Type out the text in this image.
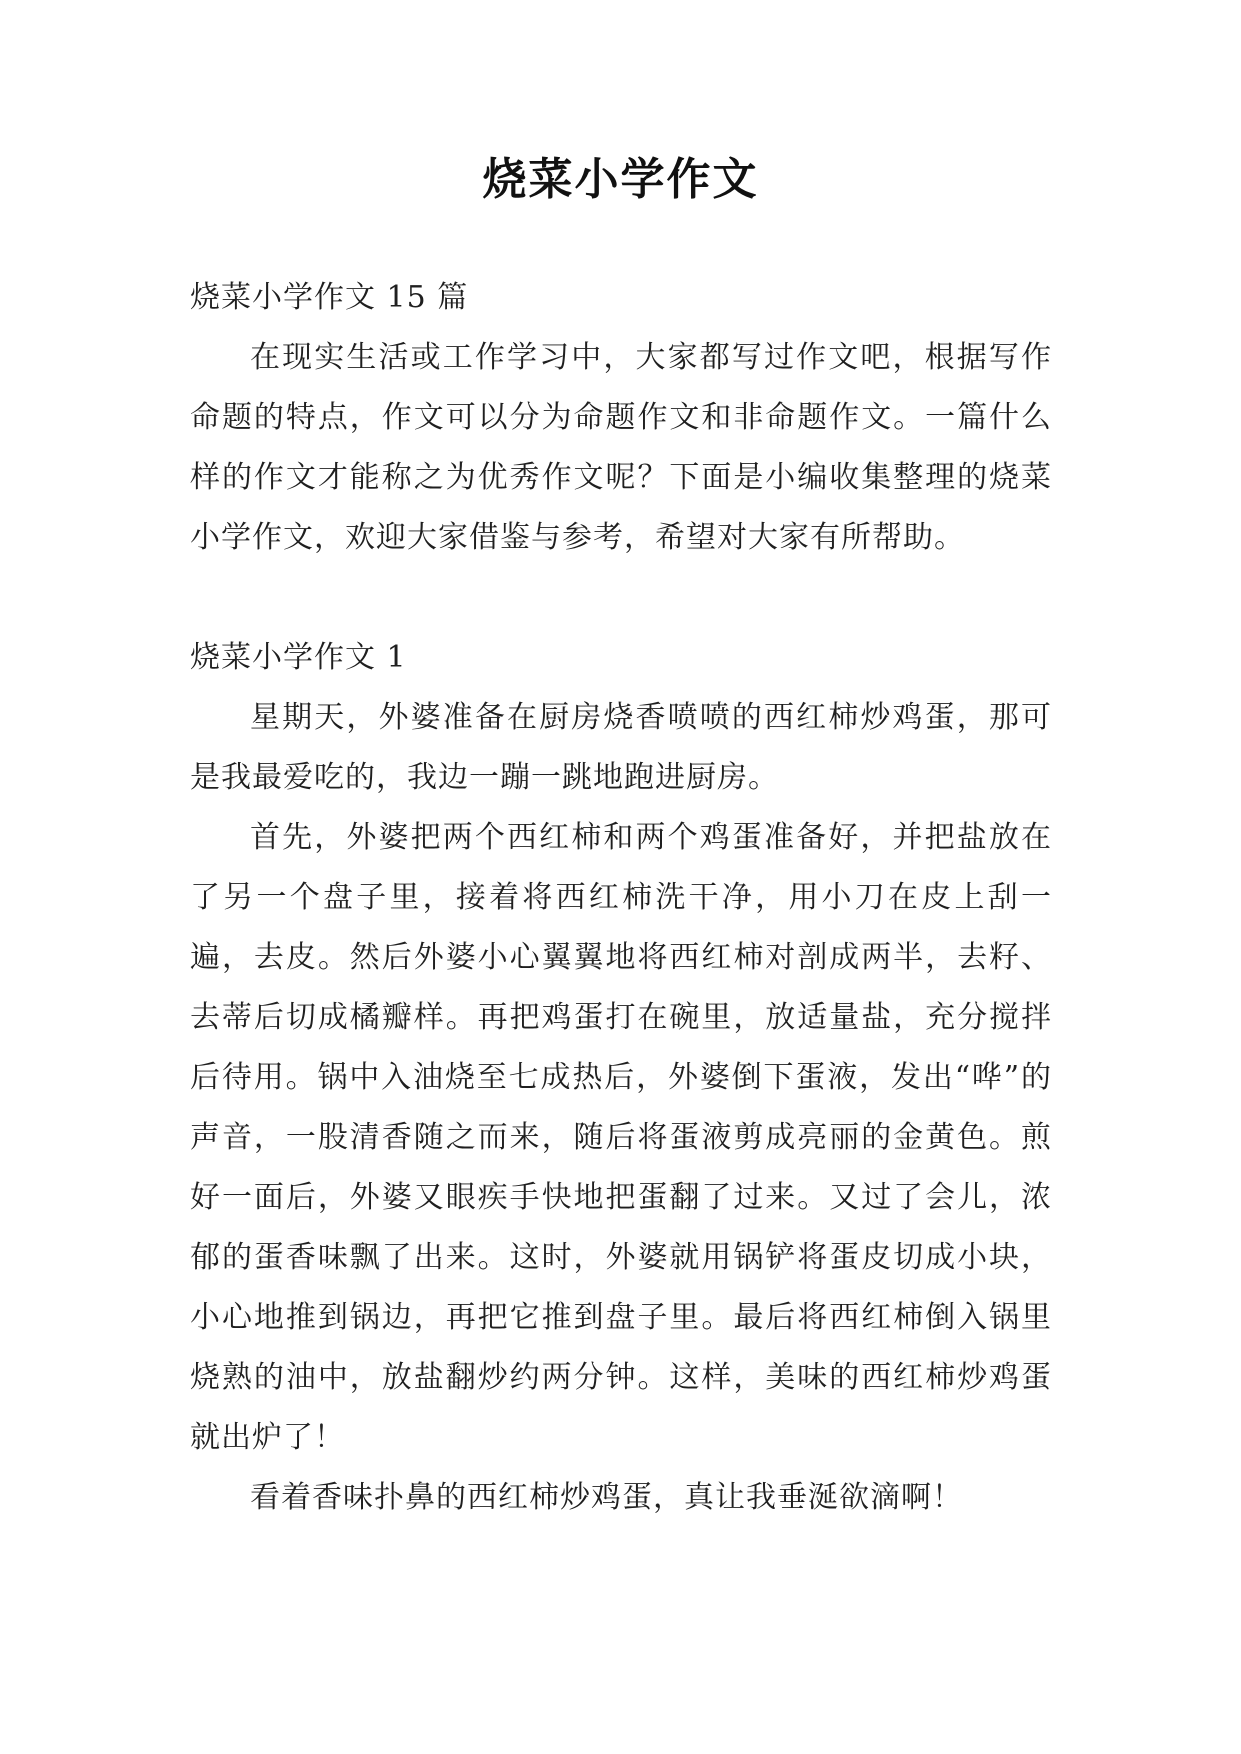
烧菜小学作文

烧菜小学作文 15 篇

在现实生活或工作学习中，大家都写过作文吧，根据写作命题的特点，作文可以分为命题作文和非命题作文。一篇什么样的作文才能称之为优秀作文呢？下面是小编收集整理的烧菜小学作文，欢迎大家借鉴与参考，希望对大家有所帮助。

烧菜小学作文 1

星期天，外婆准备在厨房烧香喷喷的西红柿炒鸡蛋，那可是我最爱吃的，我边一蹦一跳地跑进厨房。

首先，外婆把两个西红柿和两个鸡蛋准备好，并把盐放在了另一个盘子里，接着将西红柿洗干净，用小刀在皮上刮一遍，去皮。然后外婆小心翼翼地将西红柿对剖成两半，去籽、去蒂后切成橘瓣样。再把鸡蛋打在碗里，放适量盐，充分搅拌后待用。锅中入油烧至七成热后，外婆倒下蛋液，发出“哗”的声音，一股清香随之而来，随后将蛋液剪成亮丽的金黄色。煎好一面后，外婆又眼疾手快地把蛋翻了过来。又过了会儿，浓郁的蛋香味飘了出来。这时，外婆就用锅铲将蛋皮切成小块，小心地推到锅边，再把它推到盘子里。最后将西红柿倒入锅里烧熟的油中，放盐翻炒约两分钟。这样，美味的西红柿炒鸡蛋就出炉了！

看着香味扑鼻的西红柿炒鸡蛋，真让我垂涎欲滴啊！
